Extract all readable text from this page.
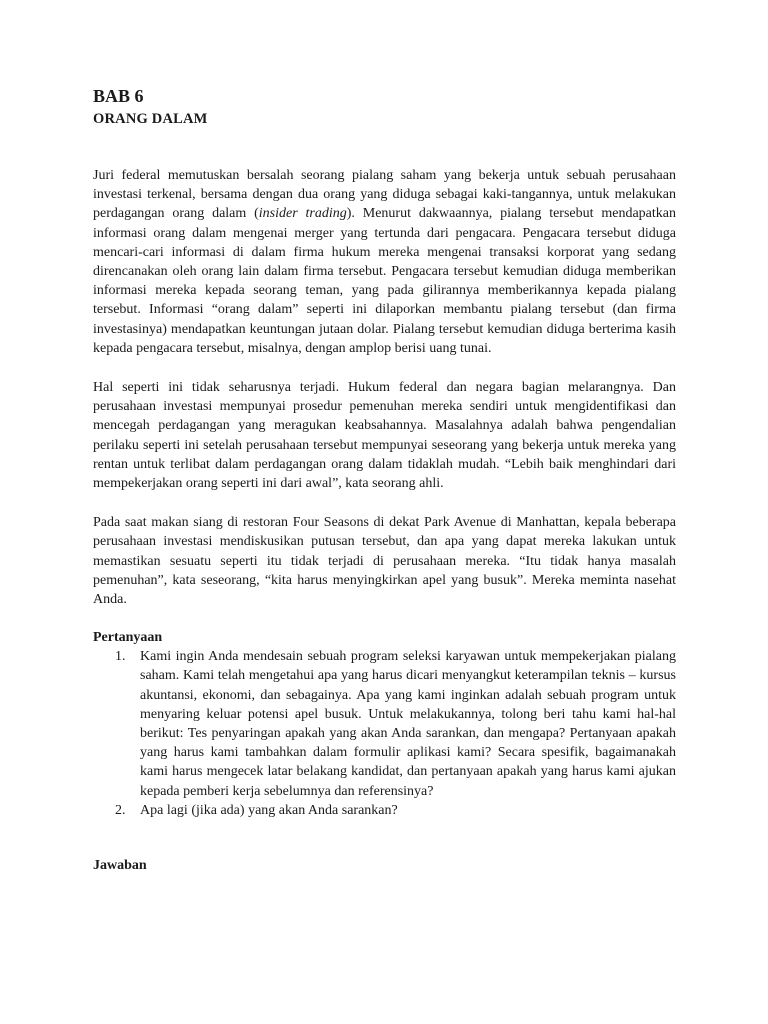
BAB 6
ORANG DALAM

Juri federal memutuskan bersalah seorang pialang saham yang bekerja untuk sebuah perusahaan investasi terkenal, bersama dengan dua orang yang diduga sebagai kaki-tangannya, untuk melakukan perdagangan orang dalam (insider trading). Menurut dakwaannya, pialang tersebut mendapatkan informasi orang dalam mengenai merger yang tertunda dari pengacara. Pengacara tersebut diduga mencari-cari informasi di dalam firma hukum mereka mengenai transaksi korporat yang sedang direncanakan oleh orang lain dalam firma tersebut. Pengacara tersebut kemudian diduga memberikan informasi mereka kepada seorang teman, yang pada gilirannya memberikannya kepada pialang tersebut. Informasi “orang dalam” seperti ini dilaporkan membantu pialang tersebut (dan firma investasinya) mendapatkan keuntungan jutaan dolar. Pialang tersebut kemudian diduga berterima kasih kepada pengacara tersebut, misalnya, dengan amplop berisi uang tunai.

Hal seperti ini tidak seharusnya terjadi. Hukum federal dan negara bagian melarangnya. Dan perusahaan investasi mempunyai prosedur pemenuhan mereka sendiri untuk mengidentifikasi dan mencegah perdagangan yang meragukan keabsahannya. Masalahnya adalah bahwa pengendalian perilaku seperti ini setelah perusahaan tersebut mempunyai seseorang yang bekerja untuk mereka yang rentan untuk terlibat dalam perdagangan orang dalam tidaklah mudah. “Lebih baik menghindari dari mempekerjakan orang seperti ini dari awal”, kata seorang ahli.

Pada saat makan siang di restoran Four Seasons di dekat Park Avenue di Manhattan, kepala beberapa perusahaan investasi mendiskusikan putusan tersebut, dan apa yang dapat mereka lakukan untuk memastikan sesuatu seperti itu tidak terjadi di perusahaan mereka. “Itu tidak hanya masalah pemenuhan”, kata seseorang, “kita harus menyingkirkan apel yang busuk”. Mereka meminta nasehat Anda.

Pertanyaan
1. Kami ingin Anda mendesain sebuah program seleksi karyawan untuk mempekerjakan pialang saham. Kami telah mengetahui apa yang harus dicari menyangkut keterampilan teknis – kursus akuntansi, ekonomi, dan sebagainya. Apa yang kami inginkan adalah sebuah program untuk menyaring keluar potensi apel busuk. Untuk melakukannya, tolong beri tahu kami hal-hal berikut: Tes penyaringan apakah yang akan Anda sarankan, dan mengapa? Pertanyaan apakah yang harus kami tambahkan dalam formulir aplikasi kami? Secara spesifik, bagaimanakah kami harus mengecek latar belakang kandidat, dan pertanyaan apakah yang harus kami ajukan kepada pemberi kerja sebelumnya dan referensinya?
2. Apa lagi (jika ada) yang akan Anda sarankan?
Jawaban
